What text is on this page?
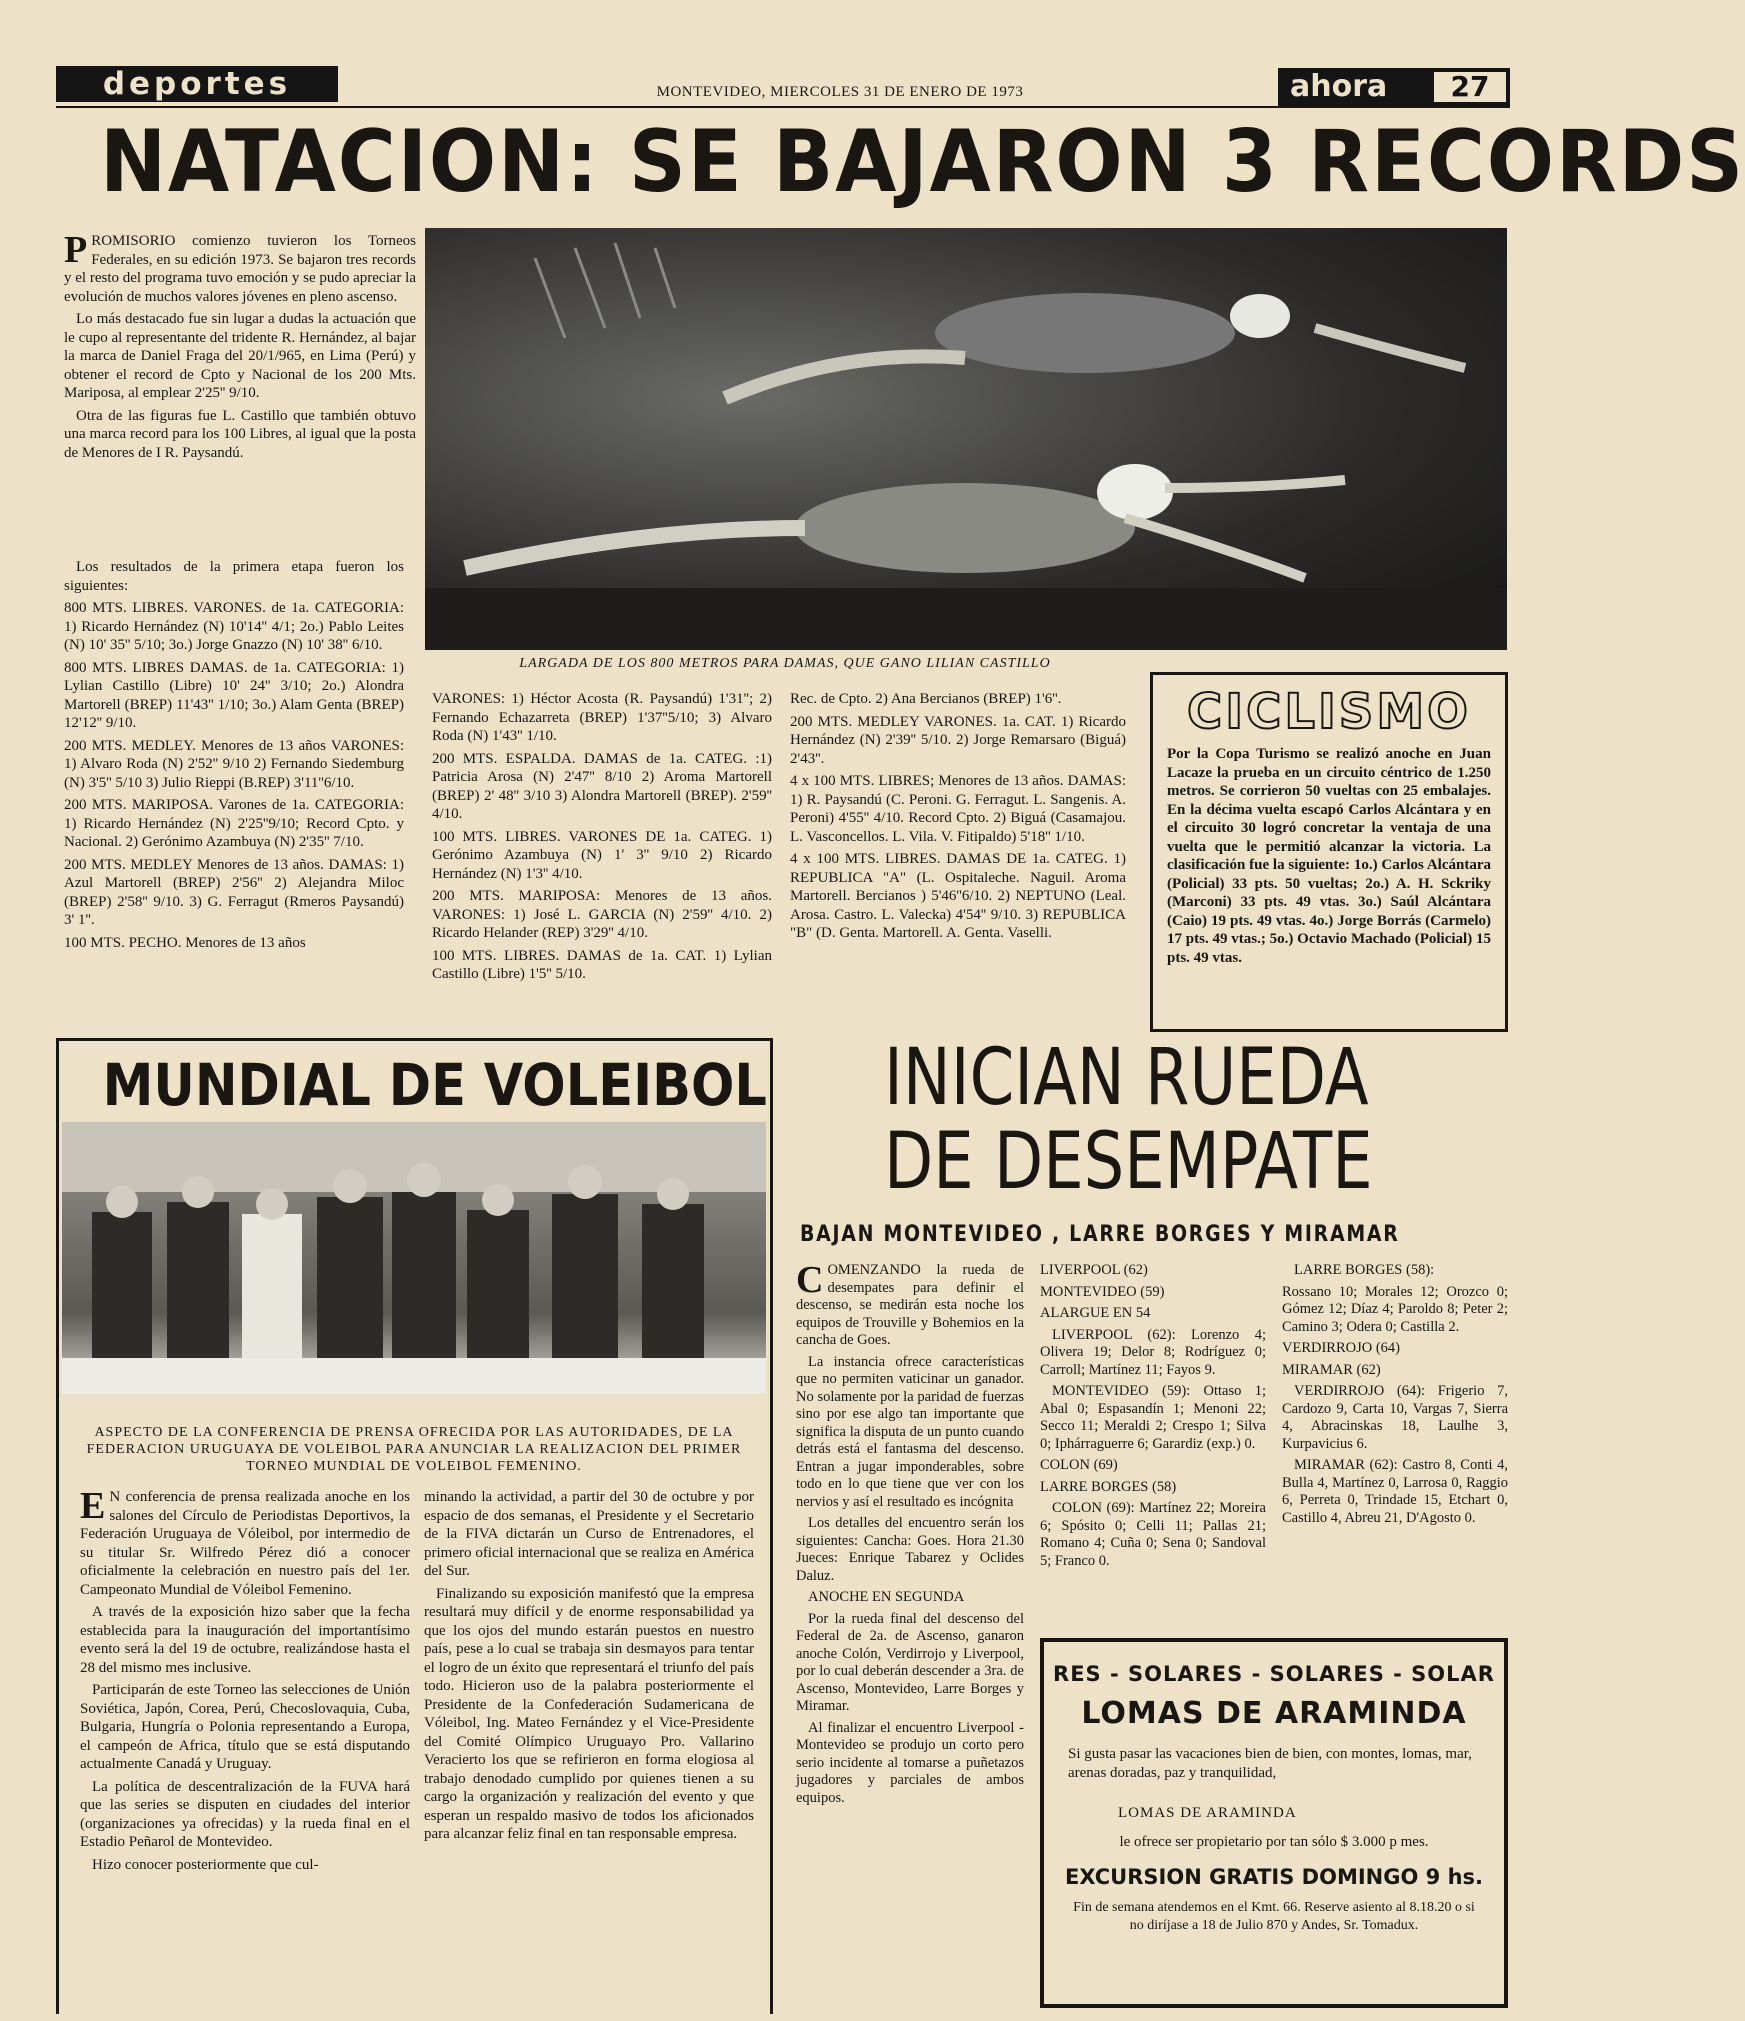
deportes	MONTEVIDEO, MIERCOLES 31 DE ENERO DE 1973	ahora	27
NATACION: SE BAJARON 3 RECORDS

PROMISORIO comienzo tuvieron los Torneos Federales, en su edición 1973. Se bajaron tres records y el resto del programa tuvo emoción y se pudo apreciar la evolución de muchos valores jóvenes en pleno ascenso.

Lo más destacado fue sin lugar a dudas la actuación que le cupo al representante del tridente R. Hernández, al bajar la marca de Daniel Fraga del 20/1/965, en Lima (Perú) y obtener el record de Cpto y Nacional de los 200 Mts. Mariposa, al emplear 2'25'' 9/10.

Otra de las figuras fue L. Castillo que también obtuvo una marca record para los 100 Libres, al igual que la posta de Menores de I R. Paysandú.

Los resultados de la primera etapa fueron los siguientes:

800 MTS. LIBRES. VARONES. de 1a. CATEGORIA: 1) Ricardo Hernández (N) 10'14'' 4/1; 2o.) Pablo Leites (N) 10' 35'' 5/10; 3o.) Jorge Gnazzo (N) 10' 38'' 6/10.

800 MTS. LIBRES DAMAS. de 1a. CATEGORIA: 1) Lylian Castillo (Libre) 10' 24'' 3/10; 2o.) Alondra Martorell (BREP) 11'43'' 1/10; 3o.) Alam Genta (BREP) 12'12'' 9/10.

200 MTS. MEDLEY. Menores de 13 años VARONES: 1) Alvaro Roda (N) 2'52'' 9/10 2) Fernando Siedemburg (N) 3'5'' 5/10 3) Julio Rieppi (B.REP) 3'11''6/10.

200 MTS. MARIPOSA. Varones de 1a. CATEGORIA: 1) Ricardo Hernández (N) 2'25''9/10; Record Cpto. y Nacional. 2) Gerónimo Azambuya (N) 2'35'' 7/10.

200 MTS. MEDLEY Menores de 13 años. DAMAS: 1) Azul Martorell (BREP) 2'56'' 2) Alejandra Miloc (BREP) 2'58'' 9/10. 3) G. Ferragut (Rmeros Paysandú) 3' 1''.

100 MTS. PECHO. Menores de 13 años

LARGADA DE LOS 800 METROS PARA DAMAS, QUE GANO LILIAN CASTILLO

VARONES: 1) Héctor Acosta (R. Paysandú) 1'31''; 2) Fernando Echazarreta (BREP) 1'37''5/10; 3) Alvaro Roda (N) 1'43'' 1/10.

200 MTS. ESPALDA. DAMAS de 1a. CATEG. :1) Patricia Arosa (N) 2'47'' 8/10 2) Aroma Martorell (BREP) 2' 48'' 3/10 3) Alondra Martorell (BREP). 2'59'' 4/10.

100 MTS. LIBRES. VARONES DE 1a. CATEG. 1) Gerónimo Azambuya (N) 1' 3'' 9/10 2) Ricardo Hernández (N) 1'3'' 4/10.

200 MTS. MARIPOSA: Menores de 13 años. VARONES: 1) José L. GARCIA (N) 2'59'' 4/10. 2) Ricardo Helander (REP) 3'29'' 4/10.

100 MTS. LIBRES. DAMAS de 1a. CAT. 1) Lylian Castillo (Libre) 1'5'' 5/10.

Rec. de Cpto. 2) Ana Bercianos (BREP) 1'6''.

200 MTS. MEDLEY VARONES. 1a. CAT. 1) Ricardo Hernández (N) 2'39'' 5/10. 2) Jorge Remarsaro (Biguá) 2'43''.

4 x 100 MTS. LIBRES; Menores de 13 años. DAMAS: 1) R. Paysandú (C. Peroni. G. Ferragut. L. Sangenis. A. Peroni) 4'55'' 4/10. Record Cpto. 2) Biguá (Casamajou. L. Vasconcellos. L. Vila. V. Fitipaldo) 5'18'' 1/10.

4 x 100 MTS. LIBRES. DAMAS DE 1a. CATEG. 1) REPUBLICA "A" (L. Ospitaleche. Naguil. Aroma Martorell. Bercianos ) 5'46''6/10. 2) NEPTUNO (Leal. Arosa. Castro. L. Valecka) 4'54'' 9/10. 3) REPUBLICA "B" (D. Genta. Martorell. A. Genta. Vaselli.

CICLISMO
Por la Copa Turismo se realizó anoche en Juan Lacaze la prueba en un circuito céntrico de 1.250 metros. Se corrieron 50 vueltas con 25 embalajes. En la décima vuelta escapó Carlos Alcántara y en el circuito 30 logró concretar la ventaja de una vuelta que le permitió alcanzar la victoria. La clasificación fue la siguiente: 1o.) Carlos Alcántara (Policial) 33 pts. 50 vueltas; 2o.) A. H. Sckriky (Marconi) 33 pts. 49 vtas. 3o.) Saúl Alcántara (Caio) 19 pts. 49 vtas. 4o.) Jorge Borrás (Carmelo) 17 pts. 49 vtas.; 5o.) Octavio Machado (Policial) 15 pts. 49 vtas.
MUNDIAL DE VOLEIBOL
ASPECTO DE LA CONFERENCIA DE PRENSA OFRECIDA POR LAS AUTORIDADES, DE LA FEDERACION URUGUAYA DE VOLEIBOL PARA ANUNCIAR LA REALIZACION DEL PRIMER TORNEO MUNDIAL DE VOLEIBOL FEMENINO.

E N conferencia de prensa realizada anoche en los salones del Círculo de Periodistas Deportivos, la Federación Uruguaya de Vóleibol, por intermedio de su titular Sr. Wilfredo Pérez dió a conocer oficialmente la celebración en nuestro país del 1er. Campeonato Mundial de Vóleibol Femenino.

A través de la exposición hizo saber que la fecha establecida para la inauguración del importantísimo evento será la del 19 de octubre, realizándose hasta el 28 del mismo mes inclusive.

Participarán de este Torneo las selecciones de Unión Soviética, Japón, Corea, Perú, Checoslovaquia, Cuba, Bulgaria, Hungría o Polonia representando a Europa, el campeón de Africa, título que se está disputando actualmente Canadá y Uruguay.

La política de descentralización de la FUVA hará que las series se disputen en ciudades del interior (organizaciones ya ofrecidas) y la rueda final en el Estadio Peñarol de Montevideo.

Hizo conocer posteriormente que cul-

minando la actividad, a partir del 30 de octubre y por espacio de dos semanas, el Presidente y el Secretario de la FIVA dictarán un Curso de Entrenadores, el primero oficial internacional que se realiza en América del Sur.

Finalizando su exposición manifestó que la empresa resultará muy difícil y de enorme responsabilidad ya que los ojos del mundo estarán puestos en nuestro país, pese a lo cual se trabaja sin desmayos para tentar el logro de un éxito que representará el triunfo del país todo. Hicieron uso de la palabra posteriormente el Presidente de la Confederación Sudamericana de Vóleibol, Ing. Mateo Fernández y el Vice-Presidente del Comité Olímpico Uruguayo Pro. Vallarino Veracierto los que se refirieron en forma elogiosa al trabajo denodado cumplido por quienes tienen a su cargo la organización y realización del evento y que esperan un respaldo masivo de todos los aficionados para alcanzar feliz final en tan responsable empresa.

INICIAN RUEDA
DE DESEMPATE
BAJAN MONTEVIDEO , LARRE BORGES Y MIRAMAR

COMENZANDO la rueda de desempates para definir el descenso, se medirán esta noche los equipos de Trouville y Bohemios en la cancha de Goes.

La instancia ofrece características que no permiten vaticinar un ganador. No solamente por la paridad de fuerzas sino por ese algo tan importante que significa la disputa de un punto cuando detrás está el fantasma del descenso. Entran a jugar imponderables, sobre todo en lo que tiene que ver con los nervios y así el resultado es incógnita

Los detalles del encuentro serán los siguientes: Cancha: Goes. Hora 21.30 Jueces: Enrique Tabarez y Oclides Daluz.

ANOCHE EN SEGUNDA

Por la rueda final del descenso del Federal de 2a. de Ascenso, ganaron anoche Colón, Verdirrojo y Liverpool, por lo cual deberán descender a 3ra. de Ascenso, Montevideo, Larre Borges y Miramar.

Al finalizar el encuentro Liverpool - Montevideo se produjo un corto pero serio incidente al tomarse a puñetazos jugadores y parciales de ambos equipos.

LIVERPOOL (62)

MONTEVIDEO (59)

ALARGUE EN 54

LIVERPOOL (62): Lorenzo 4; Olivera 19; Delor 8; Rodríguez 0; Carroll; Martínez 11; Fayos 9.

MONTEVIDEO (59): Ottaso 1; Abal 0; Espasandín 1; Menoni 22; Secco 11; Meraldi 2; Crespo 1; Silva 0; Iphárraguerre 6; Garardiz (exp.) 0.

COLON (69)

LARRE BORGES (58)

COLON (69): Martínez 22; Moreira 6; Spósito 0; Celli 11; Pallas 21; Romano 4; Cuña 0; Sena 0; Sandoval 5; Franco 0.

LARRE BORGES (58):

Rossano 10; Morales 12; Orozco 0; Gómez 12; Díaz 4; Paroldo 8; Peter 2; Camino 3; Odera 0; Castilla 2.

VERDIRROJO (64)

MIRAMAR (62)

VERDIRROJO (64): Frigerio 7, Cardozo 9, Carta 10, Vargas 7, Sierra 4, Abracinskas 18, Laulhe 3, Kurpavicius 6.

MIRAMAR (62): Castro 8, Conti 4, Bulla 4, Martínez 0, Larrosa 0, Raggio 6, Perreta 0, Trindade 15, Etchart 0, Castillo 4, Abreu 21, D'Agosto 0.

RES - SOLARES - SOLARES - SOLAR
LOMAS DE ARAMINDA
Si gusta pasar las vacaciones bien de bien, con montes, lomas, mar, arenas doradas, paz y tranquilidad,
LOMAS DE ARAMINDA
le ofrece ser propietario por tan sólo $ 3.000 p mes.
EXCURSION GRATIS DOMINGO 9 hs.
Fin de semana atendemos en el Kmt. 66. Reserve asiento al 8.18.20 o si no diríjase a 18 de Julio 870 y Andes, Sr. Tomadux.
